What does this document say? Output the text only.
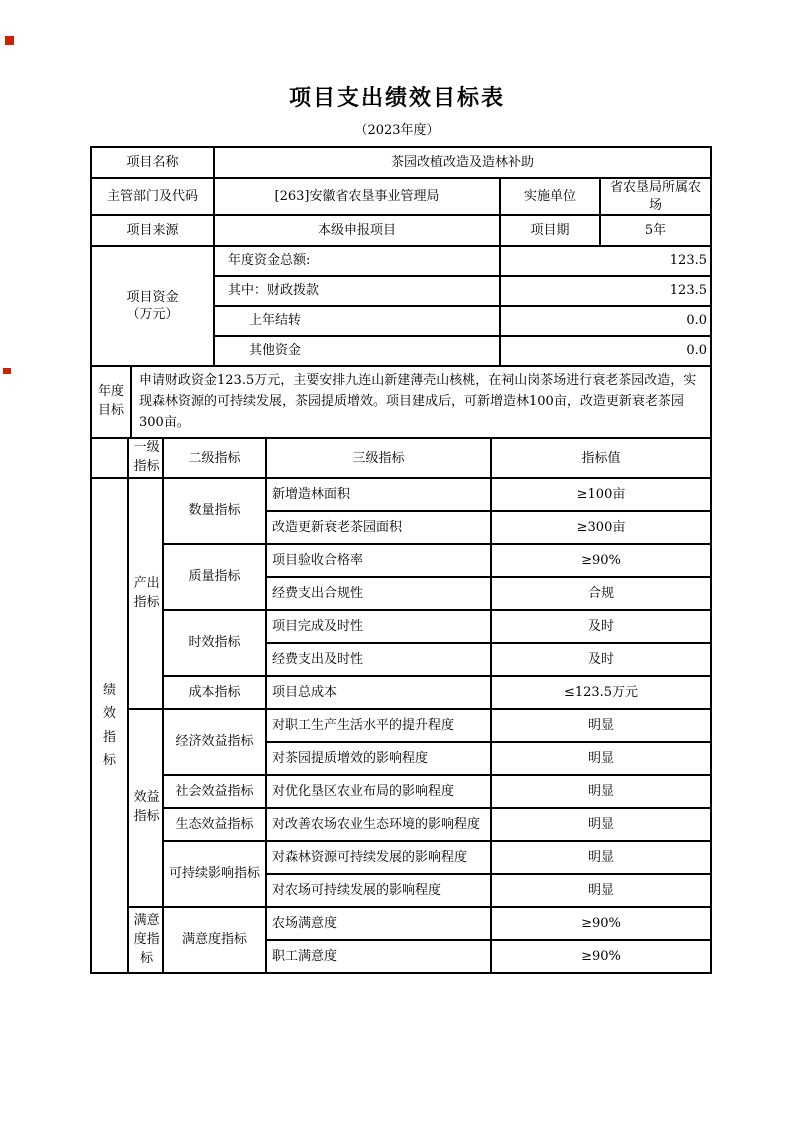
项目支出绩效目标表
（2023年度）
项目名称	茶园改植改造及造林补助		
主管部门及代码	[263]安徽省农垦事业管理局	实施单位	省农垦局所属农场
项目来源	本级申报项目	项目期	5年
项目资金
（万元）	年度资金总额:	123.5
	其中：财政拨款	123.5
	上年结转	0.0
	其他资金	0.0
年度目标	申请财政资金123.5万元，主要安排九连山新建薄壳山核桃，在祠山岗茶场进行衰老茶园改造，实现森林资源的可持续发展，茶园提质增效。项目建成后，可新增造林100亩，改造更新衰老茶园300亩。
	一级指标	二级指标	三级指标	指标值
绩效指标	产出指标	数量指标	新增造林面积	≥100亩
			改造更新衰老茶园面积	≥300亩
		质量指标	项目验收合格率	≥90%
			经费支出合规性	合规
		时效指标	项目完成及时性	及时
			经费支出及时性	及时
		成本指标	项目总成本	≤123.5万元
	效益指标	经济效益指标	对职工生产生活水平的提升程度	明显
			对茶园提质增效的影响程度	明显
		社会效益指标	对优化垦区农业布局的影响程度	明显
		生态效益指标	对改善农场农业生态环境的影响程度	明显
		可持续影响指标	对森林资源可持续发展的影响程度	明显
			对农场可持续发展的影响程度	明显
	满意度指标	满意度指标	农场满意度	≥90%
			职工满意度	≥90%
